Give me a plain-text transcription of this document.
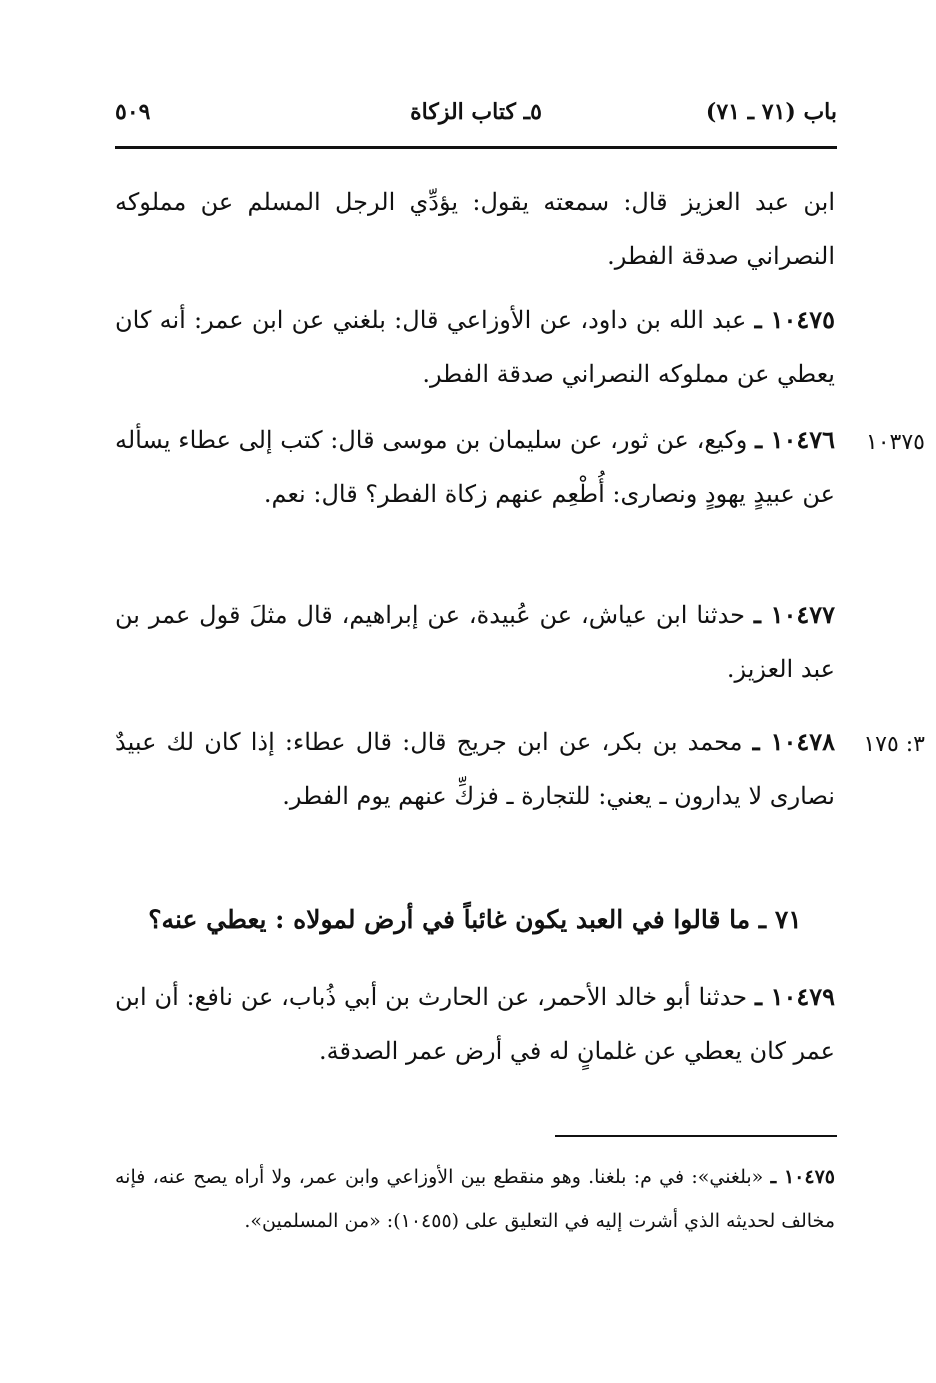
باب (٧١ ـ ٧١)
٥ـ كتاب الزكاة
٥٠٩

ابن عبد العزيز قال: سمعته يقول: يؤدِّي الرجل المسلم عن مملوكه النصراني صدقة الفطر.

١٠٤٧٥ ـ عبد الله بن داود، عن الأوزاعي قال: بلغني عن ابن عمر: أنه كان يعطي عن مملوكه النصراني صدقة الفطر.

١٠٣٧٥

١٠٤٧٦ ـ وكيع، عن ثور، عن سليمان بن موسى قال: كتب إلى عطاء يسأله عن عبيدٍ يهودٍ ونصارى: أُطْعِم عنهم زكاة الفطر؟ قال: نعم.

١٠٤٧٧ ـ حدثنا ابن عياش، عن عُبيدة، عن إبراهيم، قال مثلَ قول عمر بن عبد العزيز.

٣: ١٧٥

١٠٤٧٨ ـ محمد بن بكر، عن ابن جريج قال: قال عطاء: إذا كان لك عبيدٌ نصارى لا يدارون ـ يعني: للتجارة ـ فزكِّ عنهم يوم الفطر.

٧١ ـ ما قالوا في العبد يكون غائباً في أرض لمولاه : يعطي عنه؟

١٠٤٧٩ ـ حدثنا أبو خالد الأحمر، عن الحارث بن أبي ذُباب، عن نافع: أن ابن عمر كان يعطي عن غلمانٍ له في أرض عمر الصدقة.

١٠٤٧٥ ـ «بلغني»: في م: بلغنا. وهو منقطع بين الأوزاعي وابن عمر، ولا أراه يصح عنه، فإنه مخالف لحديثه الذي أشرت إليه في التعليق على (١٠٤٥٥): «من المسلمين».
